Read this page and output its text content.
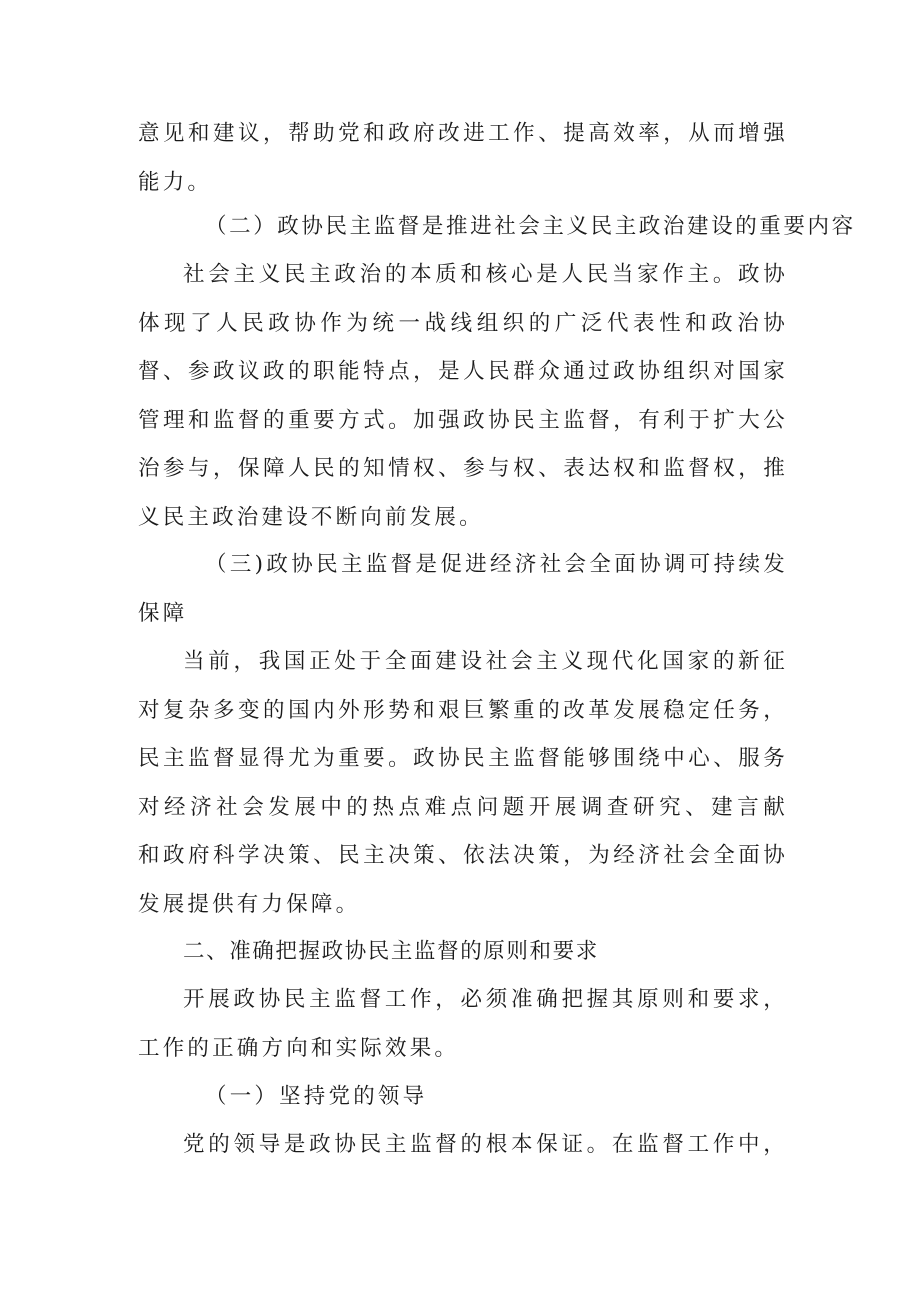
意见和建议，帮助党和政府改进工作、提高效率，从而增强
能力。
（二）政协民主监督是推进社会主义民主政治建设的重要内容
社会主义民主政治的本质和核心是人民当家作主。政协
体现了人民政协作为统一战线组织的广泛代表性和政治协
督、参政议政的职能特点，是人民群众通过政协组织对国家
管理和监督的重要方式。加强政协民主监督，有利于扩大公
治参与，保障人民的知情权、参与权、表达权和监督权，推
义民主政治建设不断向前发展。
（三)政协民主监督是促进经济社会全面协调可持续发
保障
当前，我国正处于全面建设社会主义现代化国家的新征
对复杂多变的国内外形势和艰巨繁重的改革发展稳定任务，
民主监督显得尤为重要。政协民主监督能够围绕中心、服务
对经济社会发展中的热点难点问题开展调查研究、建言献
和政府科学决策、民主决策、依法决策，为经济社会全面协
发展提供有力保障。
二、准确把握政协民主监督的原则和要求
开展政协民主监督工作，必须准确把握其原则和要求，
工作的正确方向和实际效果。
（一）坚持党的领导
党的领导是政协民主监督的根本保证。在监督工作中，
